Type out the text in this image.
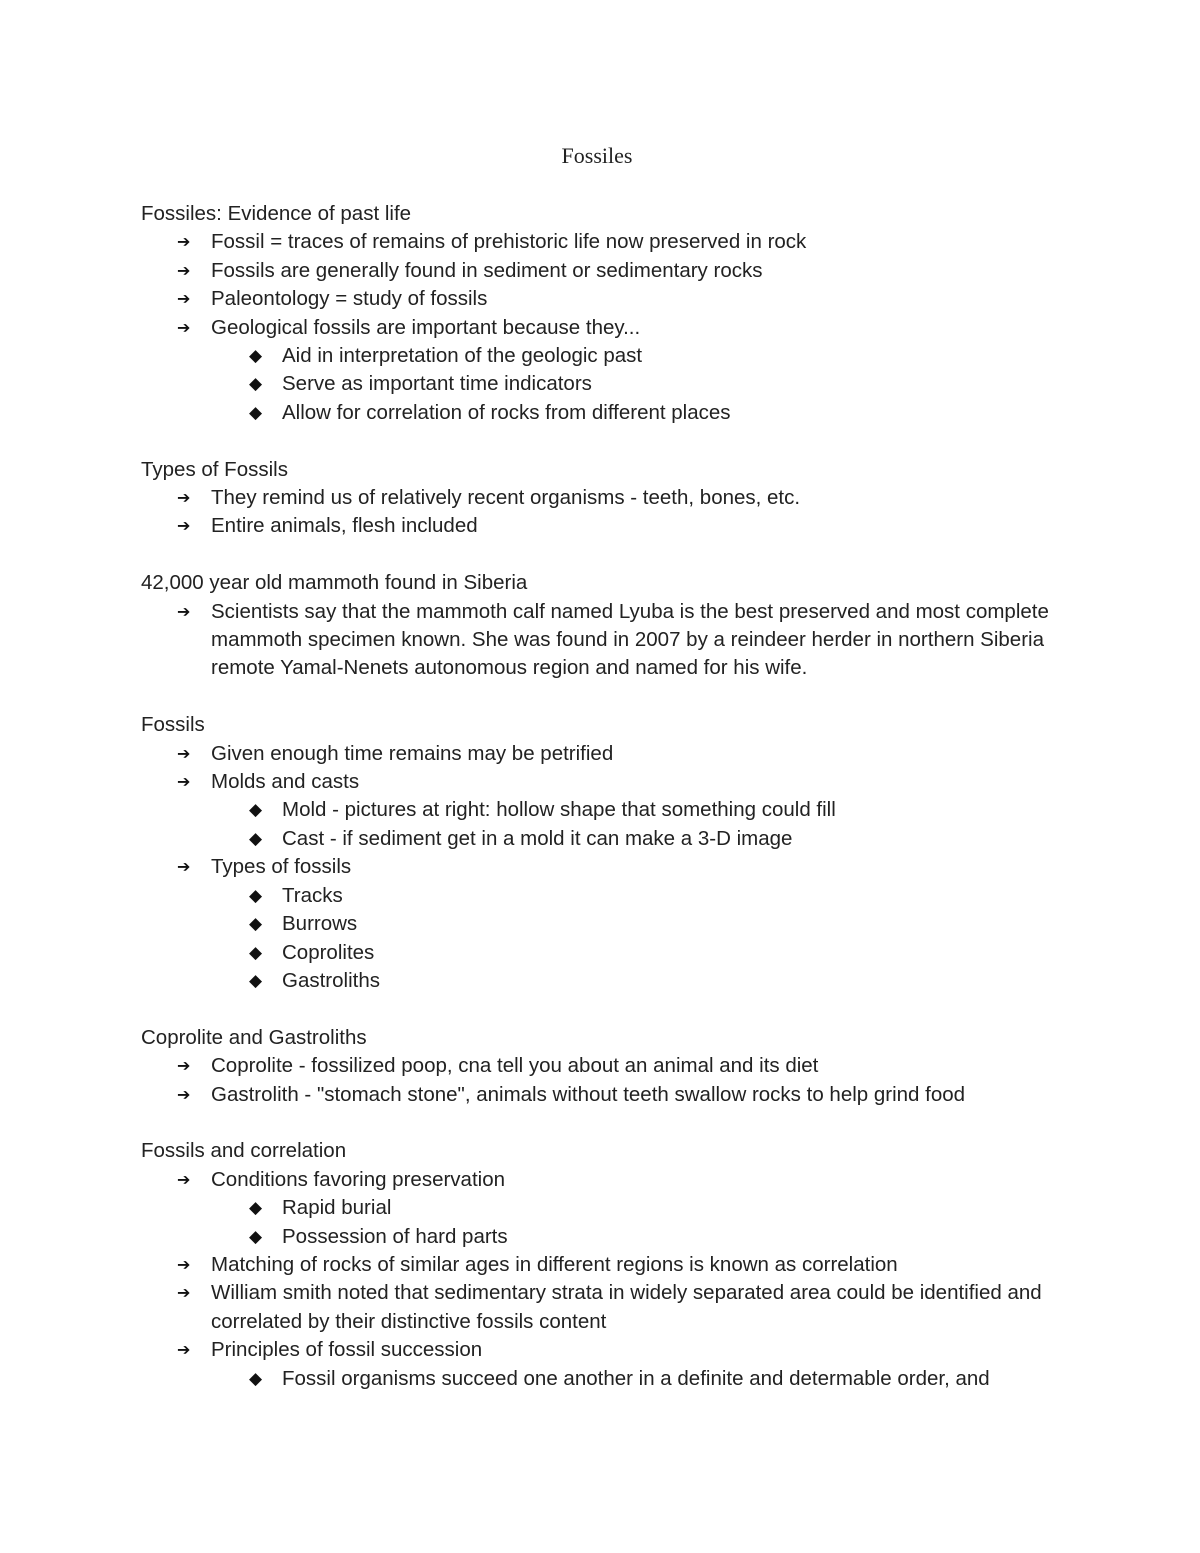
Fossiles

Fossiles: Evidence of past life

➔	Fossil = traces of remains of prehistoric life now preserved in rock
➔	Fossils are generally found in sediment or sedimentary rocks
➔	Paleontology = study of fossils
➔	Geological fossils are important because they...
◆ Aid in interpretation of the geologic past
◆ Serve as important time indicators
◆ Allow for correlation of rocks from different places

Types of Fossils

➔	They remind us of relatively recent organisms - teeth, bones, etc.
➔	Entire animals, flesh included

42,000 year old mammoth found in Siberia

➔	Scientists say that the mammoth calf named Lyuba is the best preserved and most complete mammoth specimen known. She was found in 2007 by a reindeer herder in northern Siberia remote Yamal-Nenets autonomous region and named for his wife.

Fossils

➔	Given enough time remains may be petrified
➔	Molds and casts
◆ Mold - pictures at right: hollow shape that something could fill
◆ Cast - if sediment get in a mold it can make a 3-D image
➔	Types of fossils
◆ Tracks
◆ Burrows
◆ Coprolites
◆ Gastroliths

Coprolite and Gastroliths

➔	Coprolite - fossilized poop, cna tell you about an animal and its diet
➔	Gastrolith - "stomach stone", animals without teeth swallow rocks to help grind food

Fossils and correlation

➔	Conditions favoring preservation
◆ Rapid burial
◆ Possession of hard parts
➔	Matching of rocks of similar ages in different regions is known as correlation
➔	William smith noted that sedimentary strata in widely separated area could be identified and correlated by their distinctive fossils content
➔	Principles of fossil succession
◆ Fossil organisms succeed one another in a definite and determable order, and
